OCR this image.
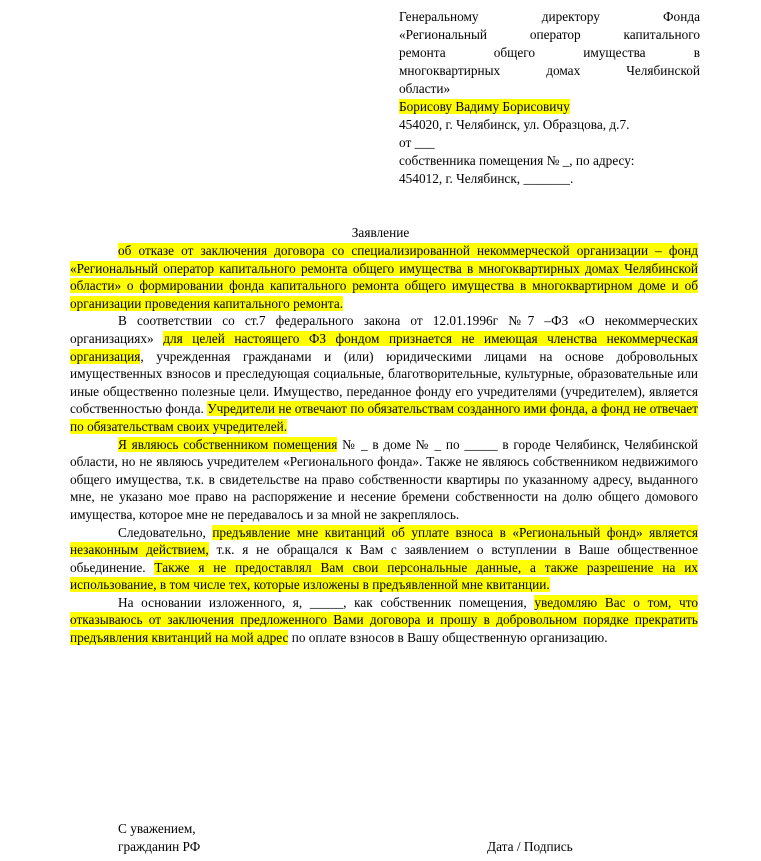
Генеральному директору Фонда
«Региональный оператор капитального
ремонта общего имущества в
многоквартирных домах Челябинской
области»
Борисову Вадиму Борисовичу
454020, г. Челябинск, ул. Образцова, д.7.
от ___
собственника помещения № _, по адресу:
454012, г. Челябинск, _______.
Заявление

об отказе от заключения договора со специализированной некоммерческой организации – фонд «Региональный оператор капитального ремонта общего имущества в многоквартирных домах Челябинской области» о формировании фонда капитального ремонта общего имущества в многоквартирном доме и об организации проведения капитального ремонта.

В соответствии со ст.7 федерального закона от 12.01.1996г №7 –ФЗ «О некоммерческих организациях» для целей настоящего ФЗ фондом признается не имеющая членства некоммерческая организация, учрежденная гражданами и (или) юридическими лицами на основе добровольных имущественных взносов и преследующая социальные, благотворительные, культурные, образовательные или иные общественно полезные цели. Имущество, переданное фонду его учредителями (учредителем), является собственностью фонда. Учредители не отвечают по обязательствам созданного ими фонда, а фонд не отвечает по обязательствам своих учредителей.

Я являюсь собственником помещения № _ в доме № _ по _____ в городе Челябинск, Челябинской области, но не являюсь учредителем «Регионального фонда». Также не являюсь собственником недвижимого общего имущества, т.к. в свидетельстве на право собственности квартиры по указанному адресу, выданного мне, не указано мое право на распоряжение и несение бремени собственности на долю общего домового имущества, которое мне не передавалось и за мной не закреплялось.

Следовательно, предъявление мне квитанций об уплате взноса в «Региональный фонд» является незаконным действием, т.к. я не обращался к Вам с заявлением о вступлении в Ваше общественное обьединение. Также я не предоставлял Вам свои персональные данные, а также разрешение на их использование, в том числе тех, которые изложены в предъявленной мне квитанции.

На основании изложенного, я, _____, как собственник помещения, уведомляю Вас о том, что отказываюсь от заключения предложенного Вами договора и прошу в добровольном порядке прекратить предъявления квитанций на мой адрес по оплате взносов в Вашу общественную организацию.

С уважением,
гражданин РФ	Дата / Подпись
